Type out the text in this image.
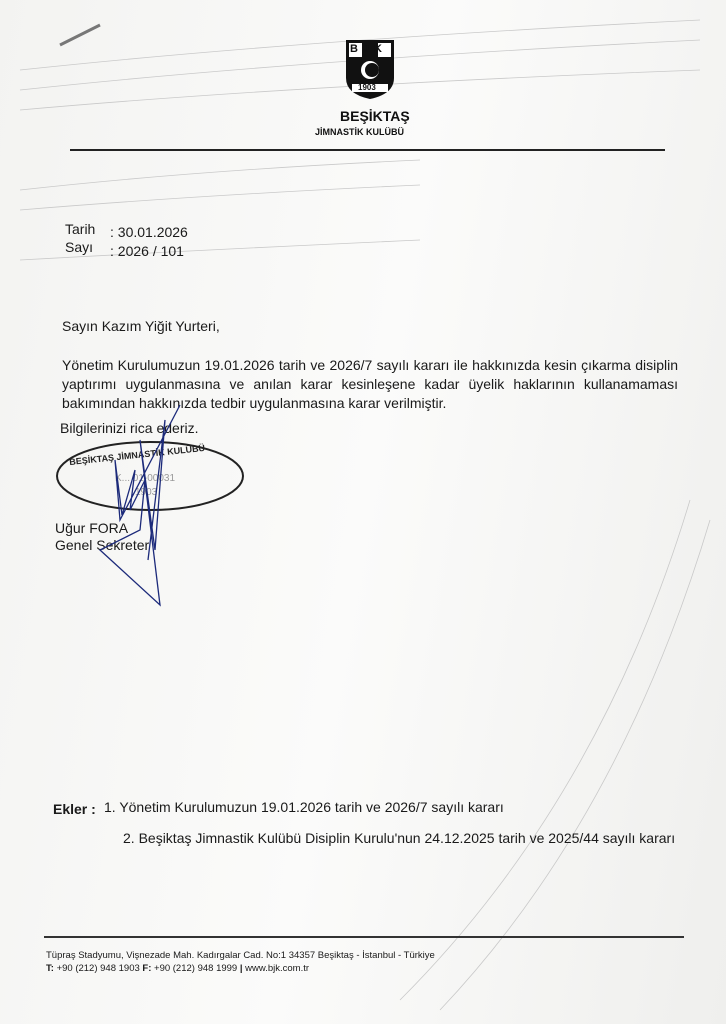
BJK
1903
BEŞİKTAŞ
JİMNASTİK KULÜBÜ
Tarih : 30.01.2026
Sayı : 2026 / 101
Sayın Kazım Yiğit Yurteri,
Yönetim Kurulumuzun 19.01.2026 tarih ve 2026/7 sayılı kararı ile hakkınızda kesin çıkarma disiplin yaptırımı uygulanmasına ve anılan karar kesinleşene kadar üyelik haklarının kullanamaması bakımından hakkınızda tedbir uygulanmasına karar verilmiştir.
Bilgilerinizi rica ederiz.
BEŞİKTAŞ JİMNASTİK KULÜBÜ
K... 01-00031
1903
Uğur FORA
Genel Sekreter
Ekler : 1. Yönetim Kurulumuzun 19.01.2026 tarih ve 2026/7 sayılı kararı
2. Beşiktaş Jimnastik Kulübü Disiplin Kurulu'nun 24.12.2025 tarih ve 2025/44 sayılı kararı
Tüpraş Stadyumu, Vişnezade Mah. Kadırgalar Cad. No:1 34357 Beşiktaş - İstanbul - Türkiye
T: +90 (212) 948 1903 F: +90 (212) 948 1999 | www.bjk.com.tr
